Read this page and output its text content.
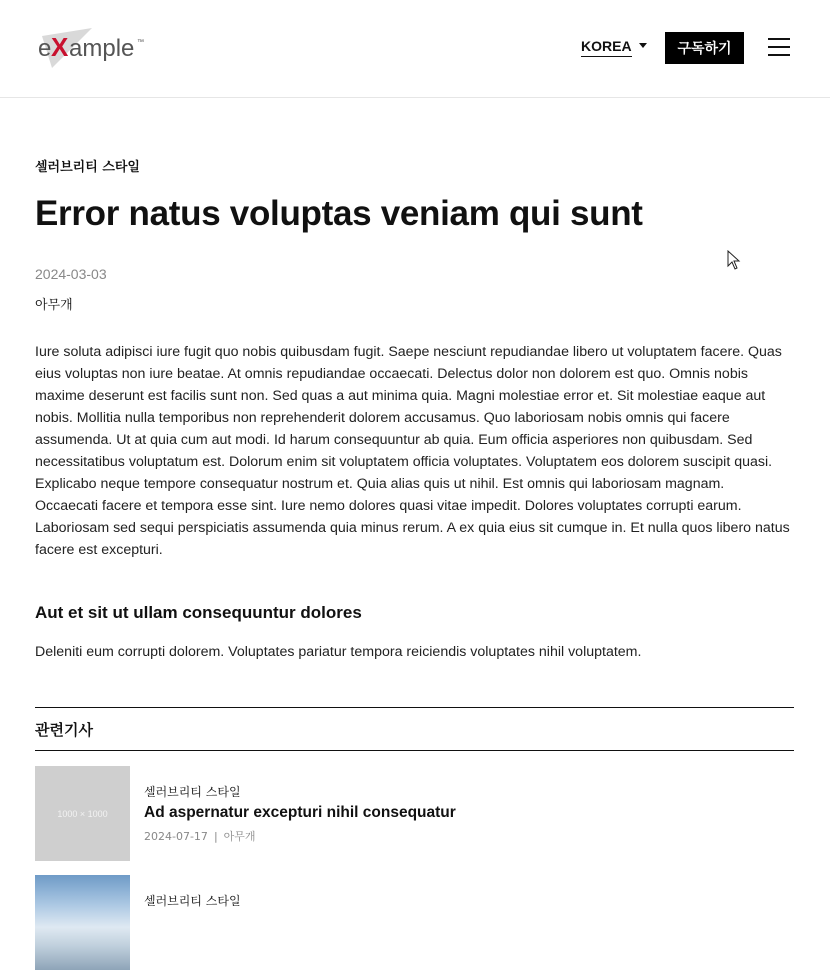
e X ample ™	KOREA	구독하기
셀러브리티 스타일
Error natus voluptas veniam qui sunt
2024-03-03
아무개

Iure soluta adipisci iure fugit quo nobis quibusdam fugit. Saepe nesciunt repudiandae libero ut voluptatem facere. Quas eius voluptas non iure beatae. At omnis repudiandae occaecati. Delectus dolor non dolorem est quo. Omnis nobis maxime deserunt est facilis sunt non. Sed quas a aut minima quia. Magni molestiae error et. Sit molestiae eaque aut nobis. Mollitia nulla temporibus non reprehenderit dolorem accusamus. Quo laboriosam nobis omnis qui facere assumenda. Ut at quia cum aut modi. Id harum consequuntur ab quia. Eum officia asperiores non quibusdam. Sed necessitatibus voluptatum est. Dolorum enim sit voluptatem officia voluptates. Voluptatem eos dolorem suscipit quasi. Explicabo neque tempore consequatur nostrum et. Quia alias quis ut nihil. Est omnis qui laboriosam magnam. Occaecati facere et tempora esse sint. Iure nemo dolores quasi vitae impedit. Dolores voluptates corrupti earum. Laboriosam sed sequi perspiciatis assumenda quia minus rerum. A ex quia eius sit cumque in. Et nulla quos libero natus facere est excepturi.

Aut et sit ut ullam consequuntur dolores

Deleniti eum corrupti dolorem. Voluptates pariatur tempora reiciendis voluptates nihil voluptatem.

관련기사
1000 × 1000
셀러브리티 스타일
Ad aspernatur excepturi nihil consequatur
2024-07-17 | 아무개
셀러브리티 스타일
